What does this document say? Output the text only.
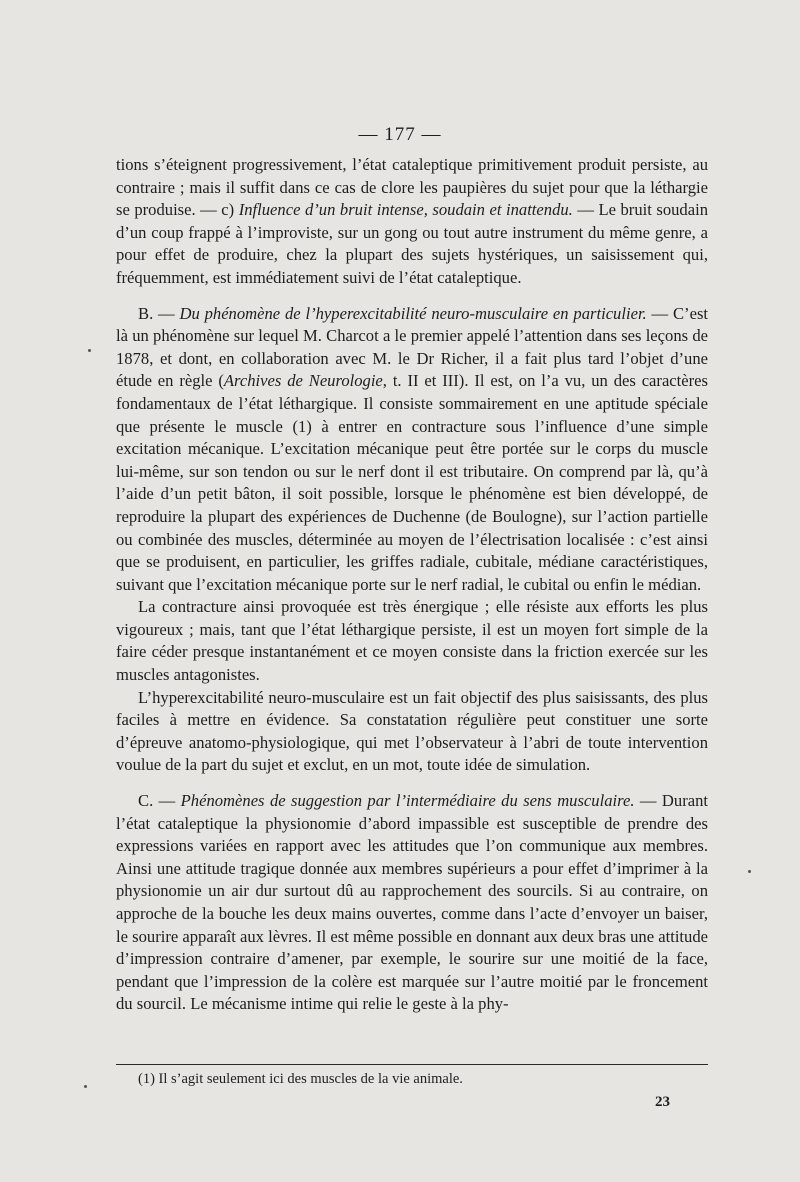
— 177 —

tions s’éteignent progressivement, l’état cataleptique primitivement produit persiste, au contraire ; mais il suffit dans ce cas de clore les paupières du sujet pour que la léthargie se produise. — c) Influence d’un bruit intense, soudain et inattendu. — Le bruit soudain d’un coup frappé à l’improviste, sur un gong ou tout autre instrument du même genre, a pour effet de produire, chez la plupart des sujets hystériques, un saisissement qui, fréquemment, est immédiatement suivi de l’état cataleptique.

B. — Du phénomène de l’hyperexcitabilité neuro-musculaire en particulier. — C’est là un phénomène sur lequel M. Charcot a le premier appelé l’attention dans ses leçons de 1878, et dont, en collaboration avec M. le Dr Richer, il a fait plus tard l’objet d’une étude en règle (Archives de Neurologie, t. II et III). Il est, on l’a vu, un des caractères fondamentaux de l’état léthargique. Il consiste sommairement en une aptitude spéciale que présente le muscle (1) à entrer en contracture sous l’influence d’une simple excitation mécanique. L’excitation mécanique peut être portée sur le corps du muscle lui-même, sur son tendon ou sur le nerf dont il est tributaire. On comprend par là, qu’à l’aide d’un petit bâton, il soit possible, lorsque le phénomène est bien développé, de reproduire la plupart des expériences de Duchenne (de Boulogne), sur l’action partielle ou combinée des muscles, déterminée au moyen de l’électrisation localisée : c’est ainsi que se produisent, en particulier, les griffes radiale, cubitale, médiane caractéristiques, suivant que l’excitation mécanique porte sur le nerf radial, le cubital ou enfin le médian.

La contracture ainsi provoquée est très énergique ; elle résiste aux efforts les plus vigoureux ; mais, tant que l’état léthargique persiste, il est un moyen fort simple de la faire céder presque instantanément et ce moyen consiste dans la friction exercée sur les muscles antagonistes.

L’hyperexcitabilité neuro-musculaire est un fait objectif des plus saisissants, des plus faciles à mettre en évidence. Sa constatation régulière peut constituer une sorte d’épreuve anatomo-physiologique, qui met l’observateur à l’abri de toute intervention voulue de la part du sujet et exclut, en un mot, toute idée de simulation.

C. — Phénomènes de suggestion par l’intermédiaire du sens musculaire. — Durant l’état cataleptique la physionomie d’abord impassible est susceptible de prendre des expressions variées en rapport avec les attitudes que l’on communique aux membres. Ainsi une attitude tragique donnée aux membres supérieurs a pour effet d’imprimer à la physionomie un air dur surtout dû au rapprochement des sourcils. Si au contraire, on approche de la bouche les deux mains ouvertes, comme dans l’acte d’envoyer un baiser, le sourire apparaît aux lèvres. Il est même possible en donnant aux deux bras une attitude d’impression contraire d’amener, par exemple, le sourire sur une moitié de la face, pendant que l’impression de la colère est marquée sur l’autre moitié par le froncement du sourcil. Le mécanisme intime qui relie le geste à la phy-

(1) Il s’agit seulement ici des muscles de la vie animale.
23
